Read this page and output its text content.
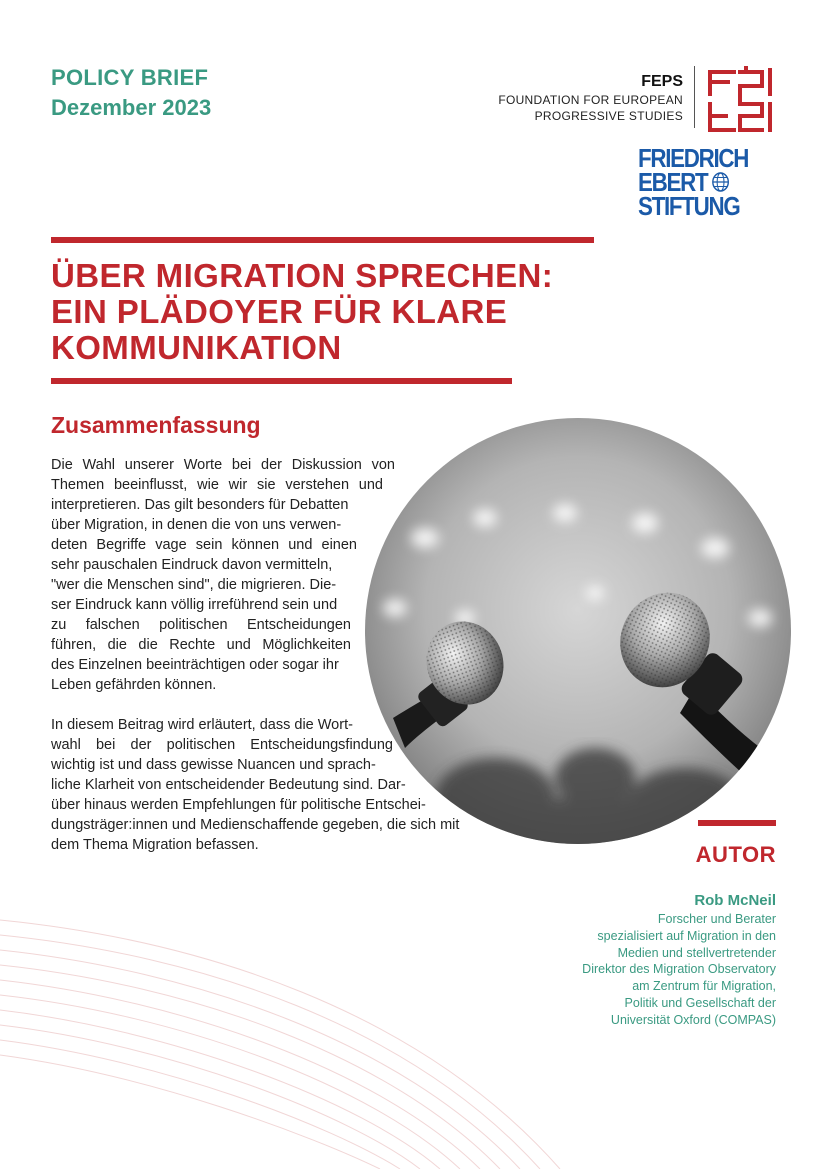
POLICY BRIEF
Dezember 2023
FEPS
FOUNDATION FOR EUROPEAN
PROGRESSIVE STUDIES
FRIEDRICH
EBERT
STIFTUNG
ÜBER MIGRATION SPRECHEN:
EIN PLÄDOYER FÜR KLARE
KOMMUNIKATION
Zusammenfassung
Die Wahl unserer Worte bei der Diskussion von
Themen beeinflusst, wie wir sie verstehen und
interpretieren. Das gilt besonders für Debatten
über Migration, in denen die von uns verwen-
deten Begriffe vage sein können und einen
sehr pauschalen Eindruck davon vermitteln,
"wer die Menschen sind", die migrieren. Die-
ser Eindruck kann völlig irreführend sein und
zu falschen politischen Entscheidungen
führen, die die Rechte und Möglichkeiten
des Einzelnen beeinträchtigen oder sogar ihr
Leben gefährden können.
In diesem Beitrag wird erläutert, dass die Wort-
wahl bei der politischen Entscheidungsfindung
wichtig ist und dass gewisse Nuancen und sprach-
liche Klarheit von entscheidender Bedeutung sind. Dar-
über hinaus werden Empfehlungen für politische Entschei-
dungsträger:innen und Medienschaffende gegeben, die sich mit
dem Thema Migration befassen.	AUTOR
Rob McNeil
Forscher und Berater
spezialisiert auf Migration in den
Medien und stellvertretender
Direktor des Migration Observatory
am Zentrum für Migration,
Politik und Gesellschaft der
Universität Oxford (COMPAS)
